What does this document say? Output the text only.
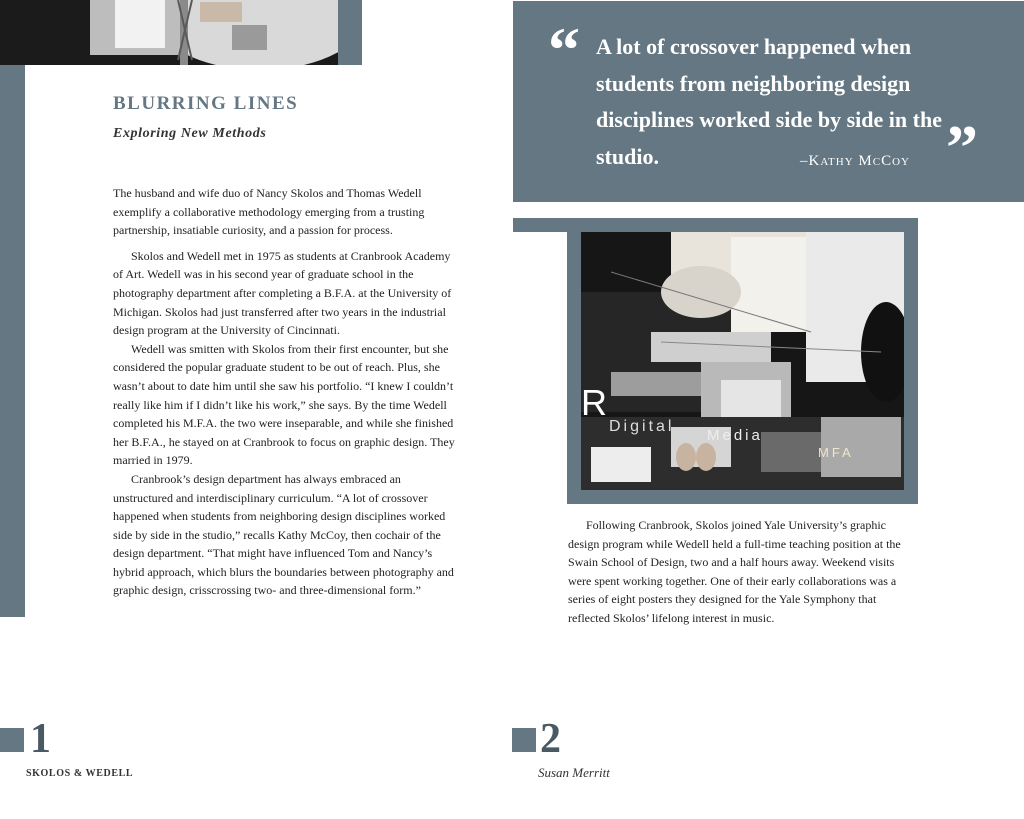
BLURRING LINES
Exploring New Methods

The husband and wife duo of Nancy Skolos and Thomas Wedell exemplify a collaborative methodology emerging from a trusting partnership, insatiable curiosity, and a passion for process.

Skolos and Wedell met in 1975 as students at Cranbrook Academy of Art. Wedell was in his second year of graduate school in the photography department after completing a B.F.A. at the University of Michigan. Skolos had just transferred after two years in the industrial design program at the University of Cincinnati.

Wedell was smitten with Skolos from their first encounter, but she considered the popular graduate student to be out of reach. Plus, she wasn’t about to date him until she saw his portfolio. “I knew I couldn’t really like him if I didn’t like his work,” she says. By the time Wedell completed his M.F.A. the two were inseparable, and while she finished her B.F.A., he stayed on at Cranbrook to focus on graphic design. They married in 1979.

Cranbrook’s design department has always embraced an unstructured and interdisciplinary curriculum. “A lot of crossover happened when students from neighboring design disciplines worked side by side in the studio,” recalls Kathy McCoy, then cochair of the design department. “That might have influenced Tom and Nancy’s hybrid approach, which blurs the boundaries between photography and graphic design, crisscrossing two- and three-dimensional form.”

1
SKOLOS & WEDELL
“ A lot of crossover happened when students from neighboring design disciplines worked side by side in the studio.	–Kathy McCoy ”
R
Digital
Media
MFA

Following Cranbrook, Skolos joined Yale University’s graphic design program while Wedell held a full-time teaching position at the Swain School of Design, two and a half hours away. Weekend visits were spent working together. One of their early collaborations was a series of eight posters they designed for the Yale Symphony that reflected Skolos’ lifelong interest in music.

2
Susan Merritt
